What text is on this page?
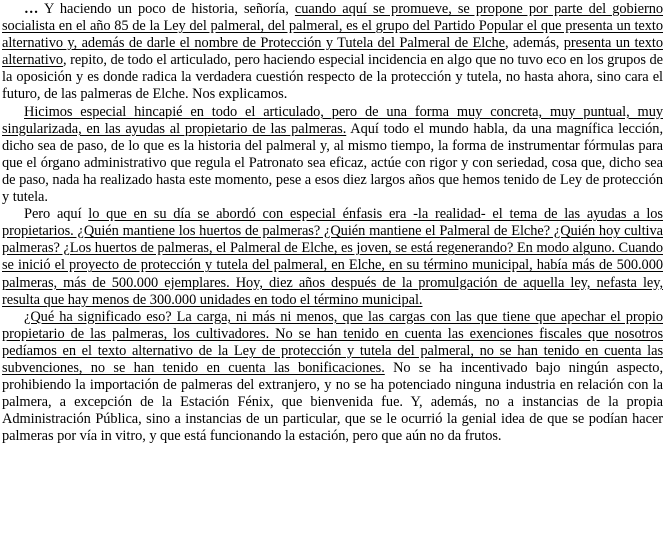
… Y haciendo un poco de historia, señoría, cuando aquí se promueve, se propone por parte del gobierno socialista en el año 85 de la Ley del palmeral, del palmeral, es el grupo del Partido Popular el que presenta un texto alternativo y, además de darle el nombre de Protección y Tutela del Palmeral de Elche, además, presenta un texto alternativo, repito, de todo el articulado, pero haciendo especial incidencia en algo que no tuvo eco en los grupos de la oposición y es donde radica la verdadera cuestión respecto de la protección y tutela, no hasta ahora, sino cara el futuro, de las palmeras de Elche. Nos explicamos.

Hicimos especial hincapié en todo el articulado, pero de una forma muy concreta, muy puntual, muy singularizada, en las ayudas al propietario de las palmeras. Aquí todo el mundo habla, da una magnífica lección, dicho sea de paso, de lo que es la historia del palmeral y, al mismo tiempo, la forma de instrumentar fórmulas para que el órgano administrativo que regula el Patronato sea eficaz, actúe con rigor y con seriedad, cosa que, dicho sea de paso, nada ha realizado hasta este momento, pese a esos diez largos años que hemos tenido de Ley de protección y tutela.

Pero aquí lo que en su día se abordó con especial énfasis era -la realidad- el tema de las ayudas a los propietarios. ¿Quién mantiene los huertos de palmeras? ¿Quién mantiene el Palmeral de Elche? ¿Quién hoy cultiva palmeras? ¿Los huertos de palmeras, el Palmeral de Elche, es joven, se está regenerando? En modo alguno. Cuando se inició el proyecto de protección y tutela del palmeral, en Elche, en su término municipal, había más de 500.000 palmeras, más de 500.000 ejemplares. Hoy, diez años después de la promulgación de aquella ley, nefasta ley, resulta que hay menos de 300.000 unidades en todo el término municipal.

¿Qué ha significado eso? La carga, ni más ni menos, que las cargas con las que tiene que apechar el propio propietario de las palmeras, los cultivadores. No se han tenido en cuenta las exenciones fiscales que nosotros pedíamos en el texto alternativo de la Ley de protección y tutela del palmeral, no se han tenido en cuenta las subvenciones, no se han tenido en cuenta las bonificaciones. No se ha incentivado bajo ningún aspecto, prohibiendo la importación de palmeras del extranjero, y no se ha potenciado ninguna industria en relación con la palmera, a excepción de la Estación Fénix, que bienvenida fue. Y, además, no a instancias de la propia Administración Pública, sino a instancias de un particular, que se le ocurrió la genial idea de que se podían hacer palmeras por vía in vitro, y que está funcionando la estación, pero que aún no da frutos.
